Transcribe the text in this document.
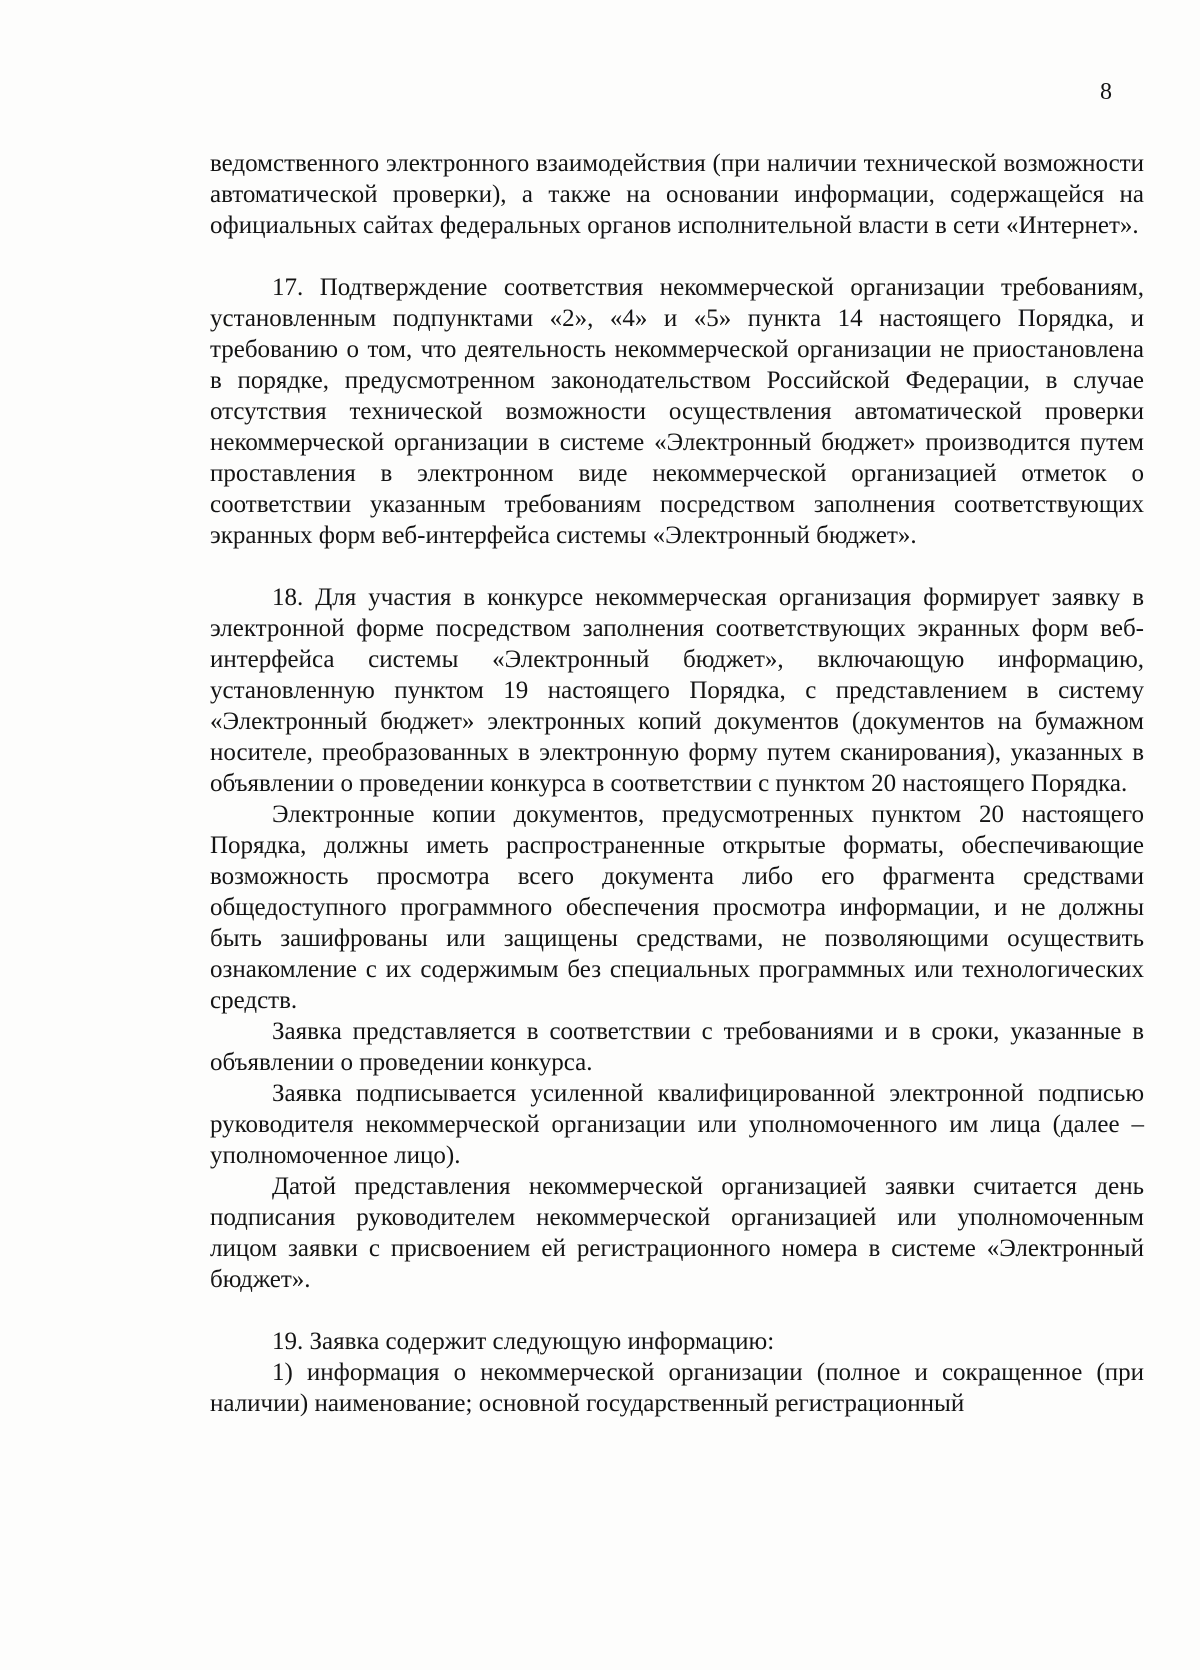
8

ведомственного электронного взаимодействия (при наличии технической возможности автоматической проверки), а также на основании информации, содержащейся на официальных сайтах федеральных органов исполнительной власти в сети «Интернет».

17. Подтверждение соответствия некоммерческой организации требованиям, установленным подпунктами «2», «4» и «5» пункта 14 настоящего Порядка, и требованию о том, что деятельность некоммерческой организации не приостановлена в порядке, предусмотренном законодательством Российской Федерации, в случае отсутствия технической возможности осуществления автоматической проверки некоммерческой организации в системе «Электронный бюджет» производится путем проставления в электронном виде некоммерческой организацией отметок о соответствии указанным требованиям посредством заполнения соответствующих экранных форм веб-интерфейса системы «Электронный бюджет».

18. Для участия в конкурсе некоммерческая организация формирует заявку в электронной форме посредством заполнения соответствующих экранных форм веб-интерфейса системы «Электронный бюджет», включающую информацию, установленную пунктом 19 настоящего Порядка, с представлением в систему «Электронный бюджет» электронных копий документов (документов на бумажном носителе, преобразованных в электронную форму путем сканирования), указанных в объявлении о проведении конкурса в соответствии с пунктом 20 настоящего Порядка.

Электронные копии документов, предусмотренных пунктом 20 настоящего Порядка, должны иметь распространенные открытые форматы, обеспечивающие возможность просмотра всего документа либо его фрагмента средствами общедоступного программного обеспечения просмотра информации, и не должны быть зашифрованы или защищены средствами, не позволяющими осуществить ознакомление с их содержимым без специальных программных или технологических средств.

Заявка представляется в соответствии с требованиями и в сроки, указанные в объявлении о проведении конкурса.

Заявка подписывается усиленной квалифицированной электронной подписью руководителя некоммерческой организации или уполномоченного им лица (далее – уполномоченное лицо).

Датой представления некоммерческой организацией заявки считается день подписания руководителем некоммерческой организацией или уполномоченным лицом заявки с присвоением ей регистрационного номера в системе «Электронный бюджет».

19. Заявка содержит следующую информацию:

1) информация о некоммерческой организации (полное и сокращенное (при наличии) наименование; основной государственный регистрационный
